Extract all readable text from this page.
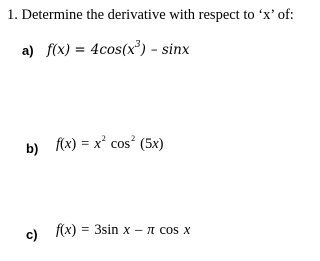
1. Determine the derivative with respect to ‘x’ of:
a) $f(x) = 4\cos(x^3) - \sin x$
b) $f(x) = x^2$ $\cos^2 (5x)$
c) f(x) = 3sin x – π cos x
